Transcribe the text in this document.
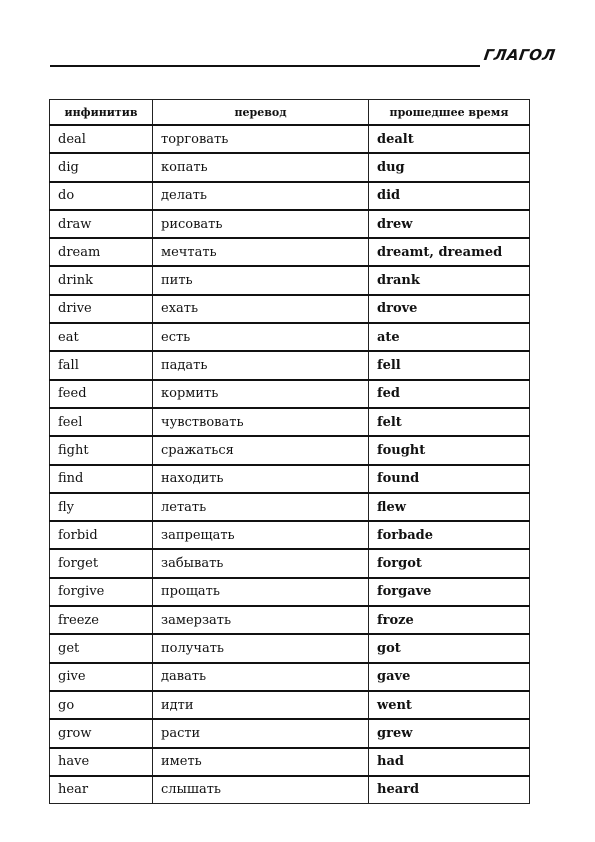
ГЛАГОЛ
инфинитив	перевод	прошедшее время
deal	торговать	dealt
dig	копать	dug
do	делать	did
draw	рисовать	drew
dream	мечтать	dreamt, dreamed
drink	пить	drank
drive	ехать	drove
eat	есть	ate
fall	падать	fell
feed	кормить	fed
feel	чувствовать	felt
fight	сражаться	fought
find	находить	found
fly	летать	flew
forbid	запрещать	forbade
forget	забывать	forgot
forgive	прощать	forgave
freeze	замерзать	froze
get	получать	got
give	давать	gave
go	идти	went
grow	расти	grew
have	иметь	had
hear	слышать	heard
